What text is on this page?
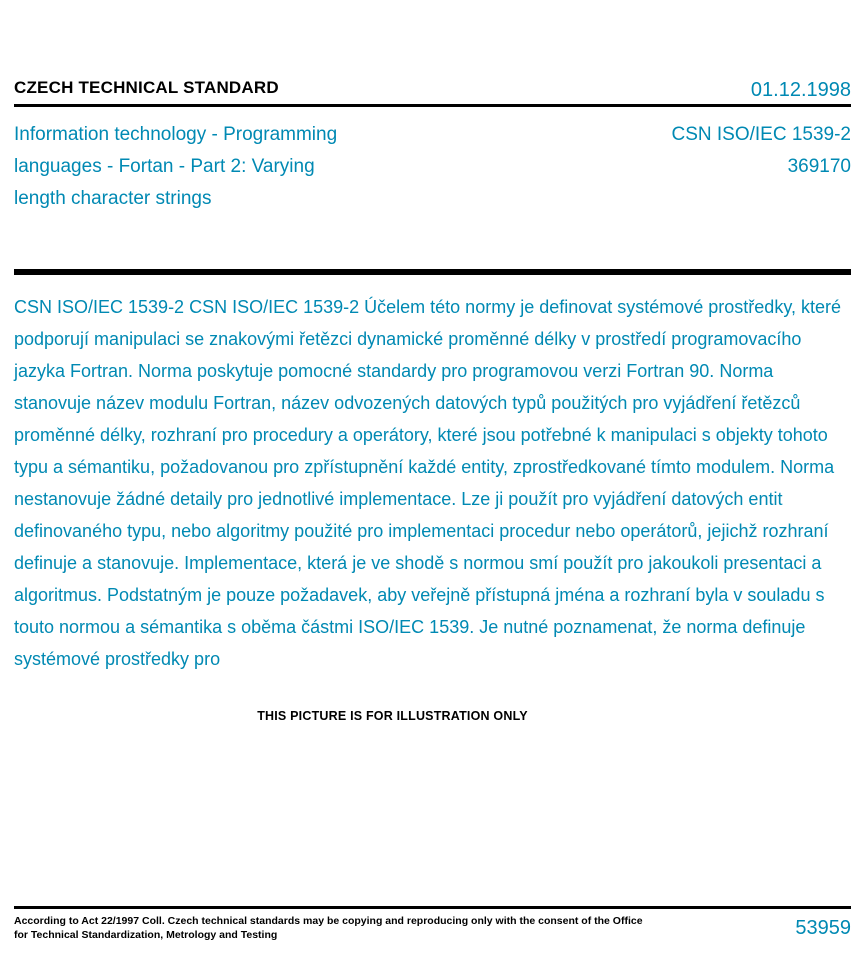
CZECH TECHNICAL STANDARD	01.12.1998
Information technology - Programming
languages - Fortan - Part 2: Varying
length character strings
CSN ISO/IEC 1539-2
369170

CSN ISO/IEC 1539-2 CSN ISO/IEC 1539-2 Účelem této normy je definovat systémové prostředky, které podporují manipulaci se znakovými řetězci dynamické proměnné délky v prostředí programovacího jazyka Fortran. Norma poskytuje pomocné standardy pro programovou verzi Fortran 90. Norma stanovuje název modulu Fortran, název odvozených datových typů použitých pro vyjádření řetězců proměnné délky, rozhraní pro procedury a operátory, které jsou potřebné k manipulaci s objekty tohoto typu a sémantiku, požadovanou pro zpřístupnění každé entity, zprostředkované tímto modulem. Norma nestanovuje žádné detaily pro jednotlivé implementace. Lze ji použít pro vyjádření datových entit definovaného typu, nebo algoritmy použité pro implementaci procedur nebo operátorů, jejichž rozhraní definuje a stanovuje. Implementace, která je ve shodě s normou smí použít pro jakoukoli presentaci a algoritmus. Podstatným je pouze požadavek, aby veřejně přístupná jména a rozhraní byla v souladu s touto normou a sémantika s oběma částmi ISO/IEC 1539. Je nutné poznamenat, že norma definuje systémové prostředky pro

THIS PICTURE IS FOR ILLUSTRATION ONLY
According to Act 22/1997 Coll. Czech technical standards may be copying and reproducing only with the consent of the Office
for Technical Standardization, Metrology and Testing	53959
